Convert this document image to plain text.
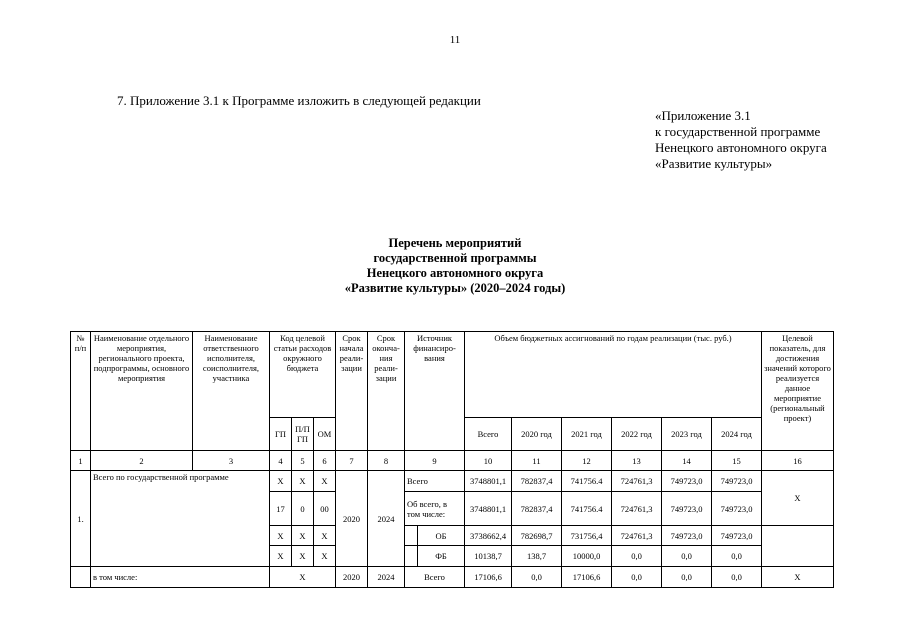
11
7. Приложение 3.1 к Программе изложить в следующей редакции
«Приложение 3.1
к государственной программе
Ненецкого автономного округа
«Развитие культуры»
Перечень мероприятий
государственной программы
Ненецкого автономного округа
«Развитие культуры» (2020–2024 годы)
№ п/п	Наименование отдельного мероприятия, регионального проекта, подпрограммы, основного мероприятия	Наименование ответственного исполнителя, соисполнителя, участника	Код целевой статьи расходов окружного бюджета			Срок начала реали-зации	Срок оконча-ния реали-зации	Источник финансиро-вания		Объем бюджетных ассигнований по годам реализации (тыс. руб.)						Целевой показатель, для достижения значений которого реализуется данное мероприятие (региональный проект)
			ГП	П/П ГП	ОМ					Всего	2020 год	2021 год	2022 год	2023 год	2024 год	
1	2	3	4	5	6	7	8	9		10	11	12	13	14	15	16
1.	Всего по государственной программе		X	X	X	2020	2024	Всего		3748801,1	782837,4	741756.4	724761,3	749723,0	749723,0	X
			17	0	00			Об всего, в том числе:		3748801,1	782837,4	741756.4	724761,3	749723,0	749723,0	
			X	X	X				ОБ	3738662,4	782698,7	731756,4	724761,3	749723,0	749723,0	
			X	X	X				ФБ	10138,7	138,7	10000,0	0,0	0,0	0,0	
	в том числе:		X			2020	2024	Всего		17106,6	0,0	17106,6	0,0	0,0	0,0	X
